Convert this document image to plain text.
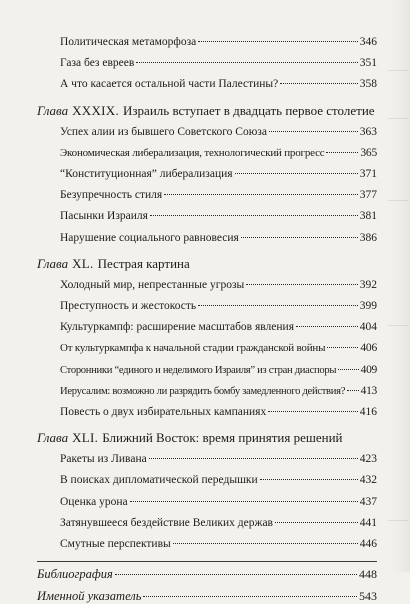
Политическая метаморфоза	346
Газа без евреев	351
А что касается остальной части Палестины?	358
Глава XXXIX. Израиль вступает в двадцать первое столетие
Успех алии из бывшего Советского Союза	363
Экономическая либерализация, технологический прогресс	365
“Конституционная” либерализация	371
Безупречность стиля	377
Пасынки Израиля	381
Нарушение социального равновесия	386
Глава XL. Пестрая картина
Холодный мир, непрестанные угрозы	392
Преступность и жестокость	399
Культуркампф: расширение масштабов явления	404
От культуркампфа к начальной стадии гражданской войны	406
Сторонники “единого и неделимого Израиля” из стран диаспоры 409
Иерусалим: возможно ли разрядить бомбу замедленного действия? 413
Повесть о двух избирательных кампаниях	416
Глава XLI. Ближний Восток: время принятия решений
Ракеты из Ливана	423
В поисках дипломатической передышки	432
Оценка урона	437
Затянувшееся бездействие Великих держав	441
Смутные перспективы	446
Библиография	448
Именной указатель	543
